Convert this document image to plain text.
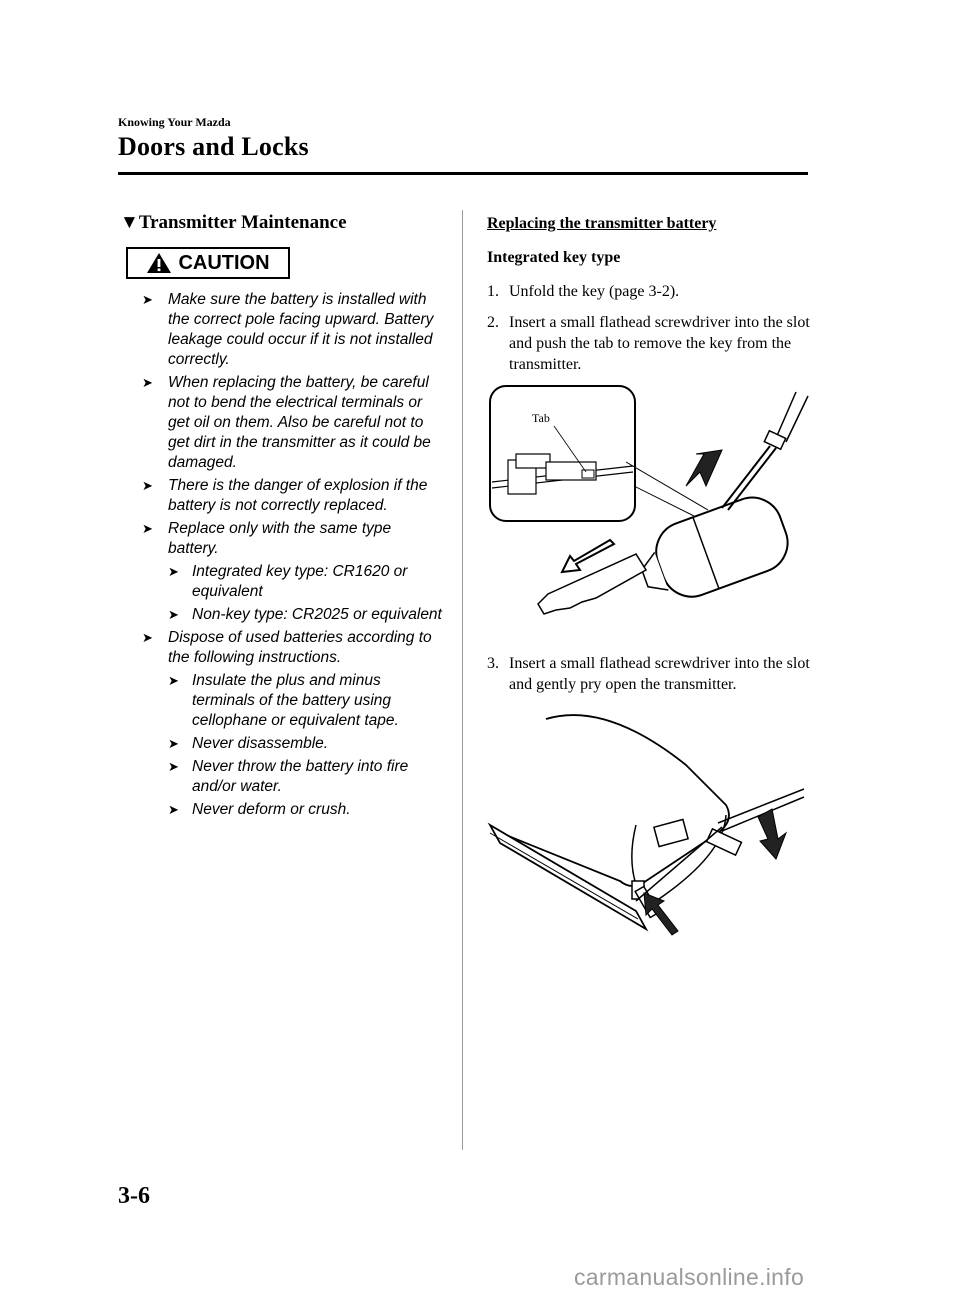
Knowing Your Mazda
Doors and Locks
▼Transmitter Maintenance
CAUTION
➤ Make sure the battery is installed with the correct pole facing upward. Battery leakage could occur if it is not installed correctly.
➤ When replacing the battery, be careful not to bend the electrical terminals or get oil on them. Also be careful not to get dirt in the transmitter as it could be damaged.
➤ There is the danger of explosion if the battery is not correctly replaced.
➤ Replace only with the same type battery.
➤ Integrated key type: CR1620 or equivalent
➤ Non-key type: CR2025 or equivalent
➤ Dispose of used batteries according to the following instructions.
➤ Insulate the plus and minus terminals of the battery using cellophane or equivalent tape.
➤ Never disassemble.
➤ Never throw the battery into fire and/or water.
➤ Never deform or crush.
Replacing the transmitter battery
Integrated key type
1. Unfold the key (page 3-2).
2. Insert a small flathead screwdriver into the slot and push the tab to remove the key from the transmitter.
Tab
3. Insert a small flathead screwdriver into the slot and gently pry open the transmitter.
3-6
carmanualsonline.info
